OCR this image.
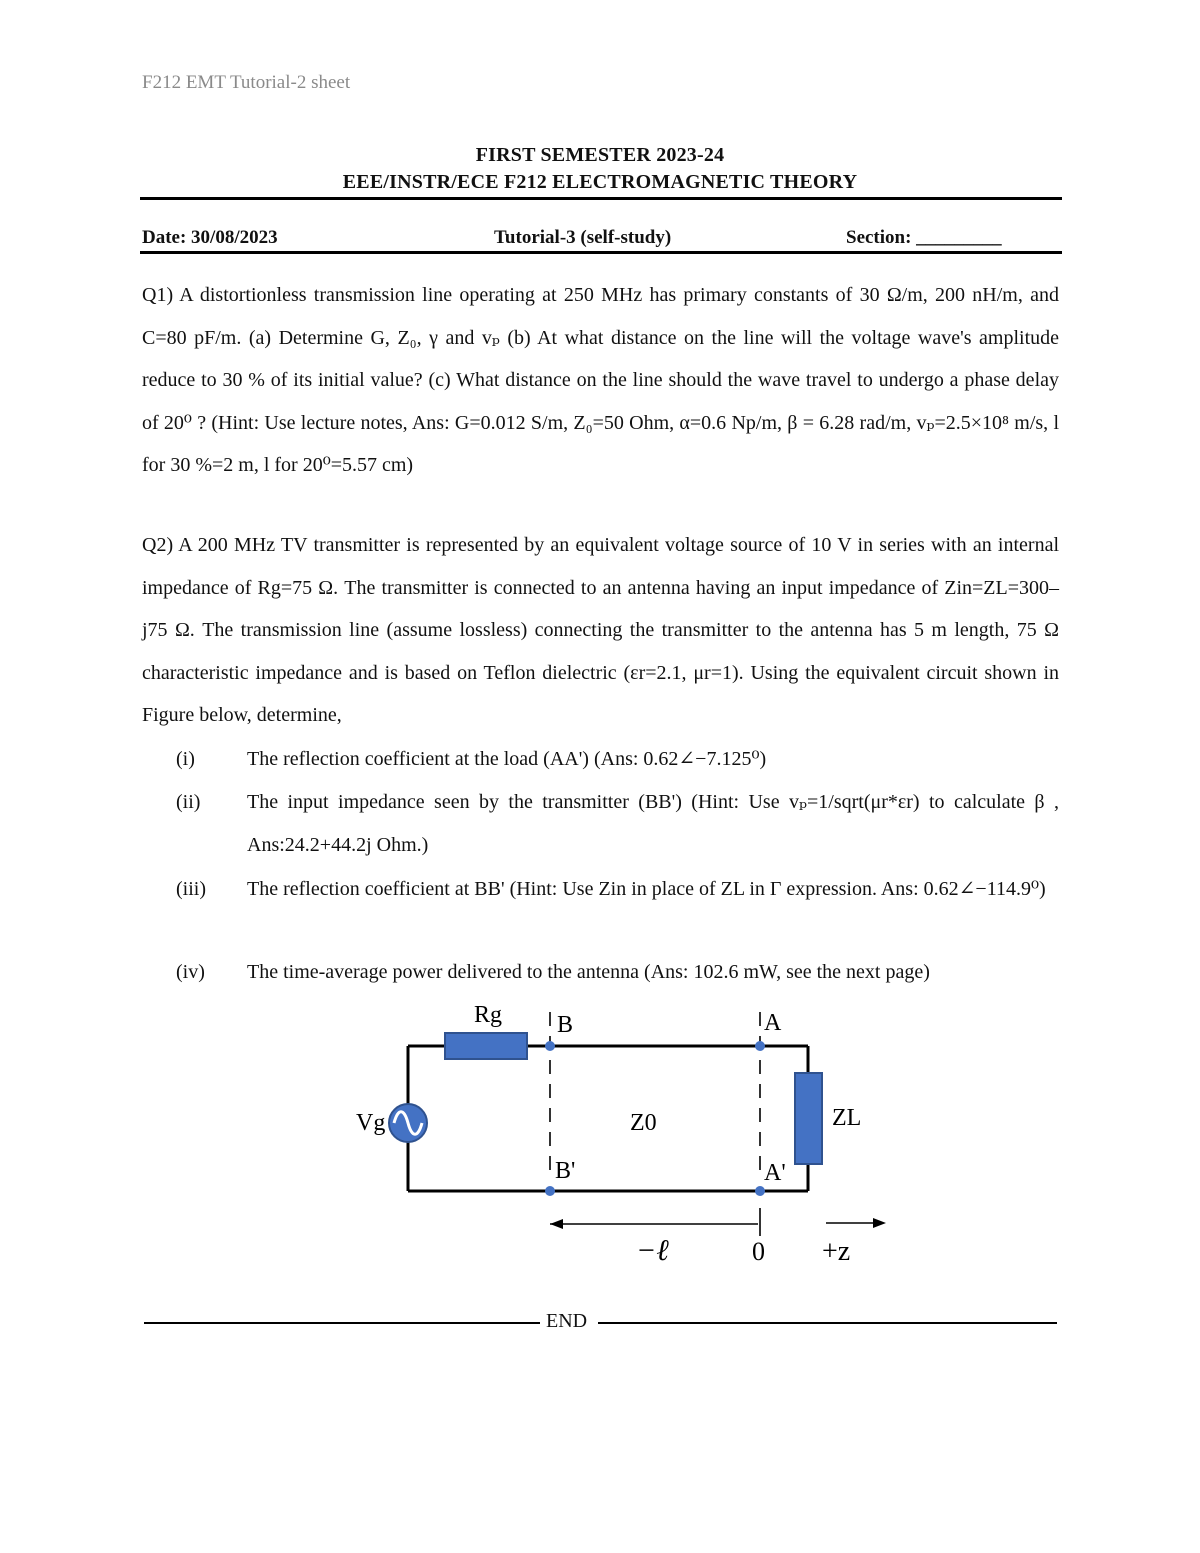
F212 EMT Tutorial-2 sheet
FIRST SEMESTER 2023-24
EEE/INSTR/ECE F212 ELECTROMAGNETIC THEORY
Date: 30/08/2023	Tutorial-3 (self-study)	Section: _________
Q1) A distortionless transmission line operating at 250 MHz has primary constants of 30 Ω/m, 200 nH/m, and C=80 pF/m. (a) Determine G, Z₀, γ and vₚ (b) At what distance on the line will the voltage wave's amplitude reduce to 30 % of its initial value? (c) What distance on the line should the wave travel to undergo a phase delay of 20⁰ ? (Hint: Use lecture notes, Ans: G=0.012 S/m, Z₀=50 Ohm, α=0.6 Np/m, β = 6.28 rad/m, vₚ=2.5×10⁸ m/s, l for 30 %=2 m, l for 20⁰=5.57 cm)
Q2) A 200 MHz TV transmitter is represented by an equivalent voltage source of 10 V in series with an internal impedance of Rg=75 Ω. The transmitter is connected to an antenna having an input impedance of Zin=ZL=300–j75 Ω. The transmission line (assume lossless) connecting the transmitter to the antenna has 5 m length, 75 Ω characteristic impedance and is based on Teflon dielectric (εr=2.1, μr=1). Using the equivalent circuit shown in Figure below, determine,
(i)	The reflection coefficient at the load (AA') (Ans: 0.62∠−7.125⁰)
(ii) The input impedance seen by the transmitter (BB') (Hint: Use vₚ=1/sqrt(μr*εr) to calculate β , Ans:24.2+44.2j Ohm.)
(iii) The reflection coefficient at BB' (Hint: Use Zin in place of ZL in Γ expression. Ans: 0.62∠−114.9⁰)
(iv) The time-average power delivered to the antenna (Ans: 102.6 mW, see the next page)
Rg
Vg	Z0	ZL
B
B'
A
A'
−ℓ	0 +z
END
